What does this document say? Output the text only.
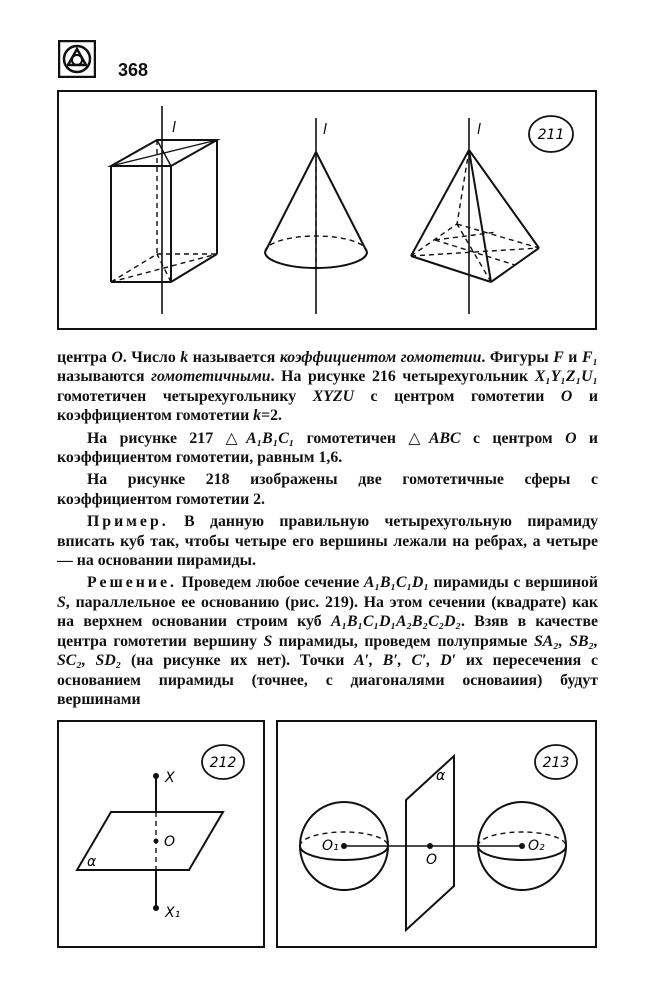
368
211
l	l	l

центра O. Число k называется коэффициентом гомотетии. Фигуры F и F₁ называются гомотетичными. На рисунке 216 четырехугольник X₁Y₁Z₁U₁ гомотетичен четырехугольнику XYZU с центром гомотетии O и коэффициентом гомотетии k=2.

На рисунке 217 △A₁B₁C₁ гомотетичен △ABC с центром O и коэффициентом гомотетии, равным 1,6.

На рисунке 218 изображены две гомотетичные сферы с коэффициентом гомотетии 2.

Пример. В данную правильную четырехугольную пирамиду вписать куб так, чтобы четыре его вершины лежали на ребрах, а четыре — на основании пирамиды.

Решение. Проведем любое сечение A₁B₁C₁D₁ пирамиды с вершиной S, параллельное ее основанию (рис. 219). На этом сечении (квадрате) как на верхнем основании строим куб A₁B₁C₁D₁A₂B₂C₂D₂. Взяв в качестве центра гомотетии вершину S пирамиды, проведем полупрямые SA₂, SB₂, SC₂, SD₂ (на рисунке их нет). Точки A′, B′, C′, D′ их пересечения с основанием пирамиды (точнее, с диагоналями основаиия) будут вершинами

212
X
O
X₁
α
213
α
O₁
O
O₂
